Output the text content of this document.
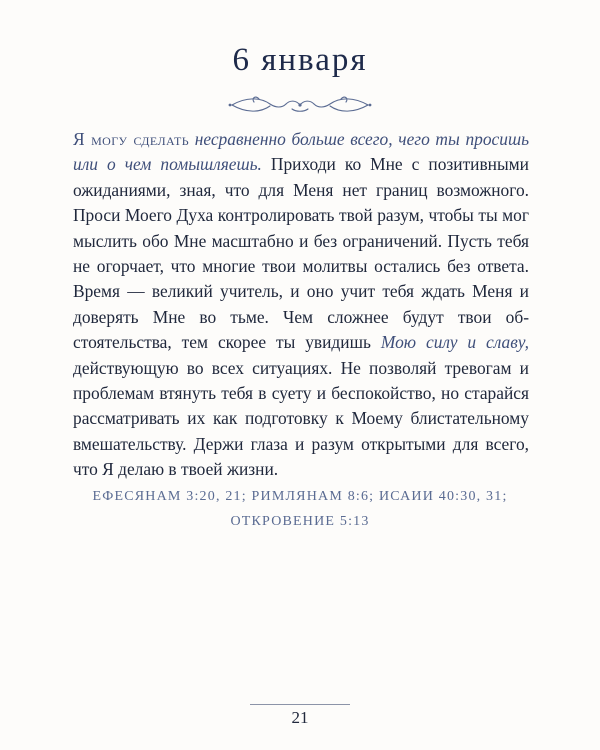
6 января

Я могу сделать несравненно больше всего, чего ты просишь или о чем помышляешь. Приходи ко Мне с позитивными ожиданиями, зная, что для Меня нет границ возможного. Проси Моего Духа контролировать твой разум, чтобы ты мог мыслить обо Мне масштабно и без ограничений. Пусть тебя не огорчает, что многие твои молитвы остались без ответа. Время — великий учитель, и оно учит тебя ждать Меня и доверять Мне во тьме. Чем сложнее будут твои обстоятельства, тем скорее ты увидишь Мою силу и славу, действующую во всех ситуациях. Не позволяй тревогам и проблемам втянуть тебя в суету и беспокойство, но старайся рассматривать их как подготовку к Моему блистательному вмешательству. Держи глаза и разум открытыми для всего, что Я делаю в твоей жизни.

ЕФЕСЯНАМ 3:20, 21; РИМЛЯНАМ 8:6; ИСАИИ 40:30, 31;
ОТКРОВЕНИЕ 5:13
21
